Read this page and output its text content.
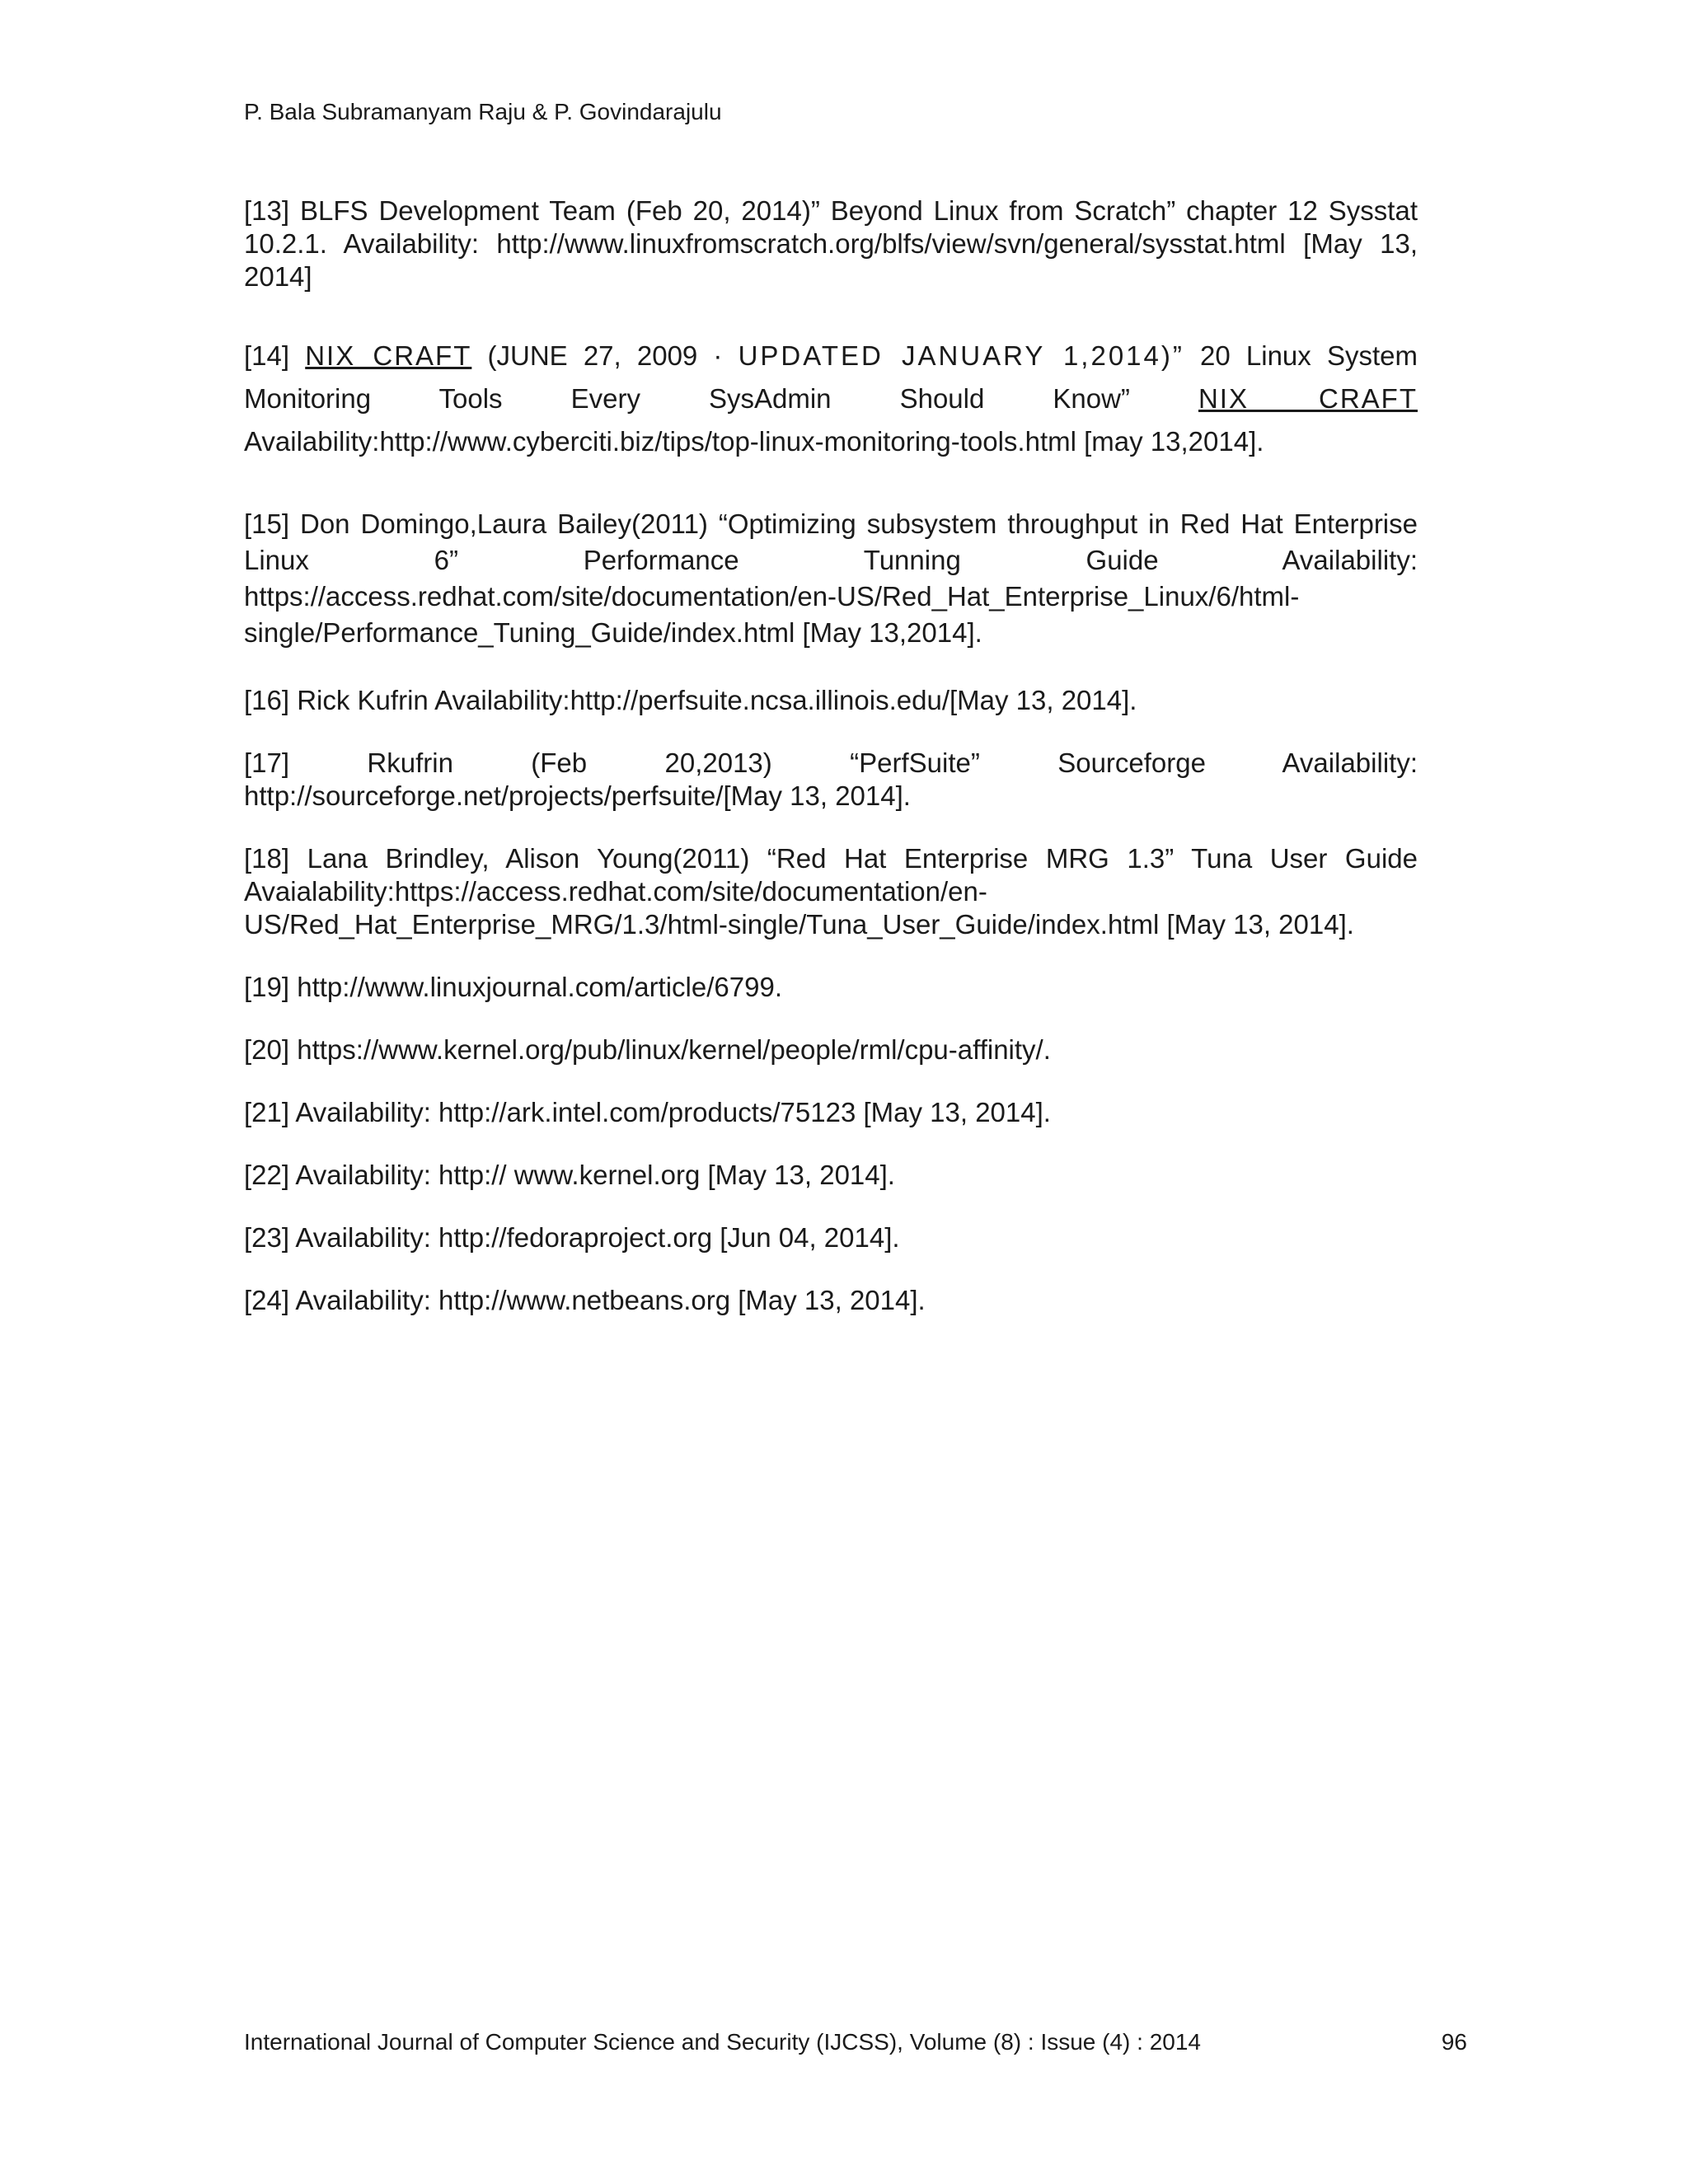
P. Bala Subramanyam Raju & P. Govindarajulu
[13] BLFS Development Team (Feb 20, 2014)” Beyond Linux from Scratch” chapter 12 Sysstat
10.2.1. Availability: http://www.linuxfromscratch.org/blfs/view/svn/general/sysstat.html [May 13,
2014]
[14] NIX CRAFT (JUNE 27, 2009 · UPDATED JANUARY 1,2014)” 20 Linux System
Monitoring Tools Every SysAdmin Should Know”	NIX CRAFT
Availability:http://www.cyberciti.biz/tips/top-linux-monitoring-tools.html [may 13,2014].
[15] Don Domingo,Laura Bailey(2011) “Optimizing subsystem throughput in Red Hat Enterprise
Linux 6” Performance Tunning Guide Availability:
https://access.redhat.com/site/documentation/en-US/Red_Hat_Enterprise_Linux/6/html-
single/Performance_Tuning_Guide/index.html [May 13,2014].
[16] Rick Kufrin Availability:http://perfsuite.ncsa.illinois.edu/[May 13, 2014].
[17] Rkufrin (Feb 20,2013) “PerfSuite” Sourceforge Availability:
http://sourceforge.net/projects/perfsuite/[May 13, 2014].
[18] Lana Brindley, Alison Young(2011) “Red Hat Enterprise MRG 1.3” Tuna User Guide
Avaialability:https://access.redhat.com/site/documentation/en-
US/Red_Hat_Enterprise_MRG/1.3/html-single/Tuna_User_Guide/index.html [May 13, 2014].
[19] http://www.linuxjournal.com/article/6799.
[20] https://www.kernel.org/pub/linux/kernel/people/rml/cpu-affinity/.
[21] Availability: http://ark.intel.com/products/75123 [May 13, 2014].
[22] Availability: http:// www.kernel.org [May 13, 2014].
[23] Availability: http://fedoraproject.org [Jun 04, 2014].
[24] Availability: http://www.netbeans.org [May 13, 2014].
International Journal of Computer Science and Security (IJCSS), Volume (8) : Issue (4) : 2014	96
